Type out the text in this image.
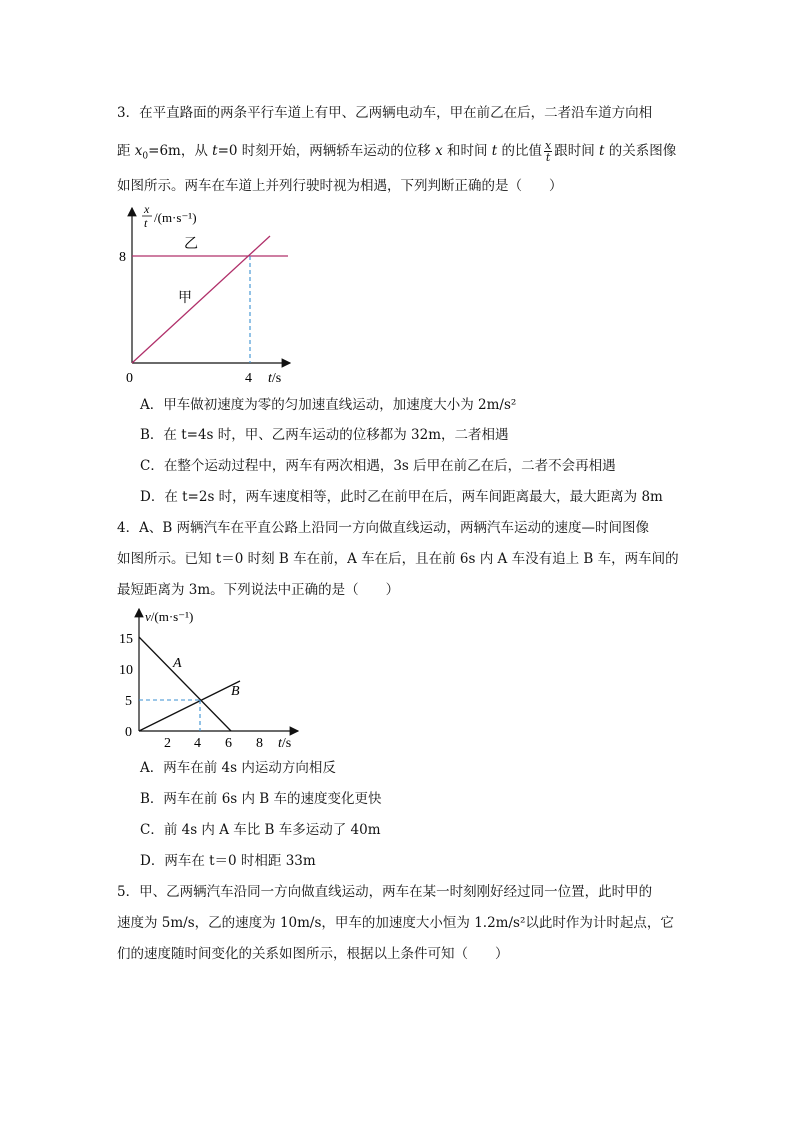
3．在平直路面的两条平行车道上有甲、乙两辆电动车，甲在前乙在后，二者沿车道方向相
距 $x_0=6m$，从 t=0 时刻开始，两辆轿车运动的位移 x 和时间 t 的比值 $\frac{x}{t}$ 跟时间 t 的关系图像
如图所示。两车在车道上并列行驶时视为相遇，下列判断正确的是（　　）
x
t /(m·s⁻¹)
8
4
0	t/s
乙
甲
A．甲车做初速度为零的匀加速直线运动，加速度大小为 2m/s²
B．在 t=4s 时，甲、乙两车运动的位移都为 32m，二者相遇
C．在整个运动过程中，两车有两次相遇，3s 后甲在前乙在后，二者不会再相遇
D．在 t=2s 时，两车速度相等，此时乙在前甲在后，两车间距离最大，最大距离为 8m
4．A、B 两辆汽车在平直公路上沿同一方向做直线运动，两辆汽车运动的速度—时间图像
如图所示。已知 t＝0 时刻 B 车在前，A 车在后，且在前 6s 内 A 车没有追上 B 车，两车间的
最短距离为 3m。下列说法中正确的是（　　）
v/(m·s⁻¹)
15
10
5
0
2 4 6 8 t/s
A
B
A．两车在前 4s 内运动方向相反
B．两车在前 6s 内 B 车的速度变化更快
C．前 4s 内 A 车比 B 车多运动了 40m
D．两车在 t＝0 时相距 33m
5．甲、乙两辆汽车沿同一方向做直线运动，两车在某一时刻刚好经过同一位置，此时甲的
速度为 5m/s，乙的速度为 10m/s，甲车的加速度大小恒为 1.2m/s²以此时作为计时起点，它
们的速度随时间变化的关系如图所示，根据以上条件可知（　　）
